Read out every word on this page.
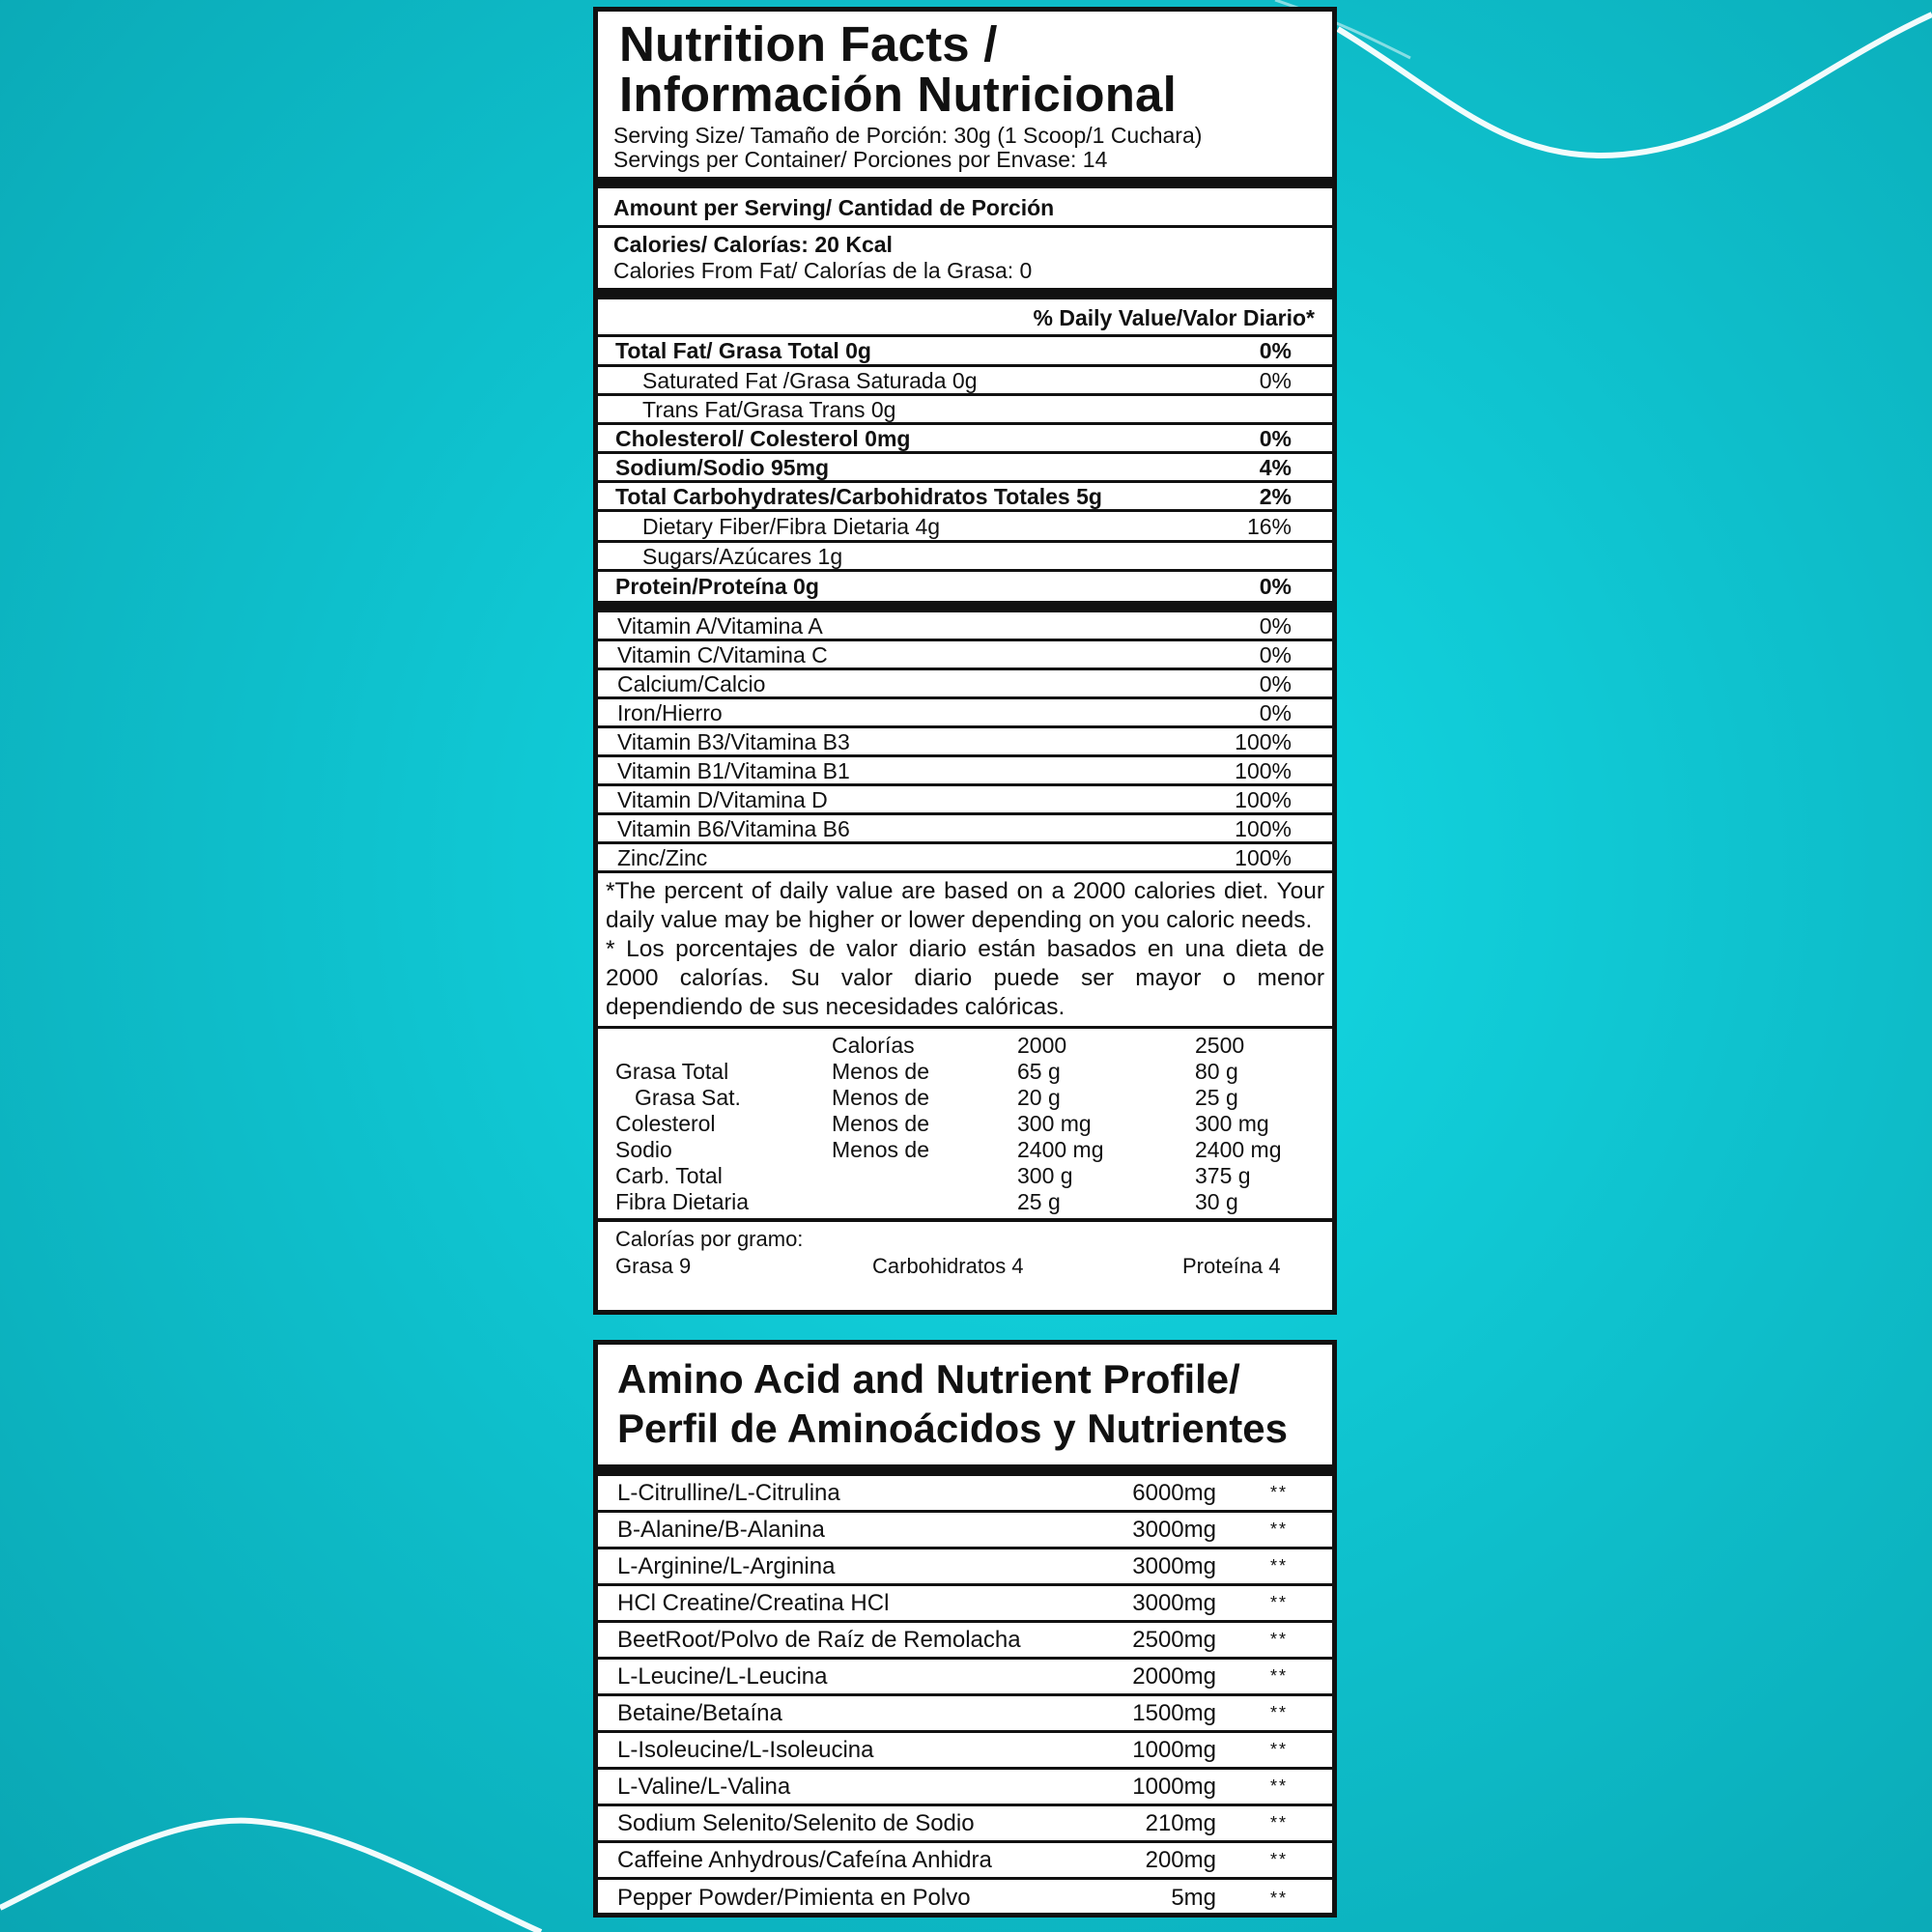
Nutrition Facts /
Información Nutricional
Serving Size/ Tamaño de Porción: 30g (1 Scoop/1 Cuchara)
Servings per Container/ Porciones por Envase: 14
Amount per Serving/ Cantidad de Porción
Calories/ Calorías: 20 Kcal
Calories From Fat/ Calorías de la Grasa: 0
% Daily Value/Valor Diario*
Total Fat/ Grasa Total 0g	0%
Saturated Fat /Grasa Saturada 0g	0%
Trans Fat/Grasa Trans 0g
Cholesterol/ Colesterol 0mg	0%
Sodium/Sodio 95mg	4%
Total Carbohydrates/Carbohidratos Totales 5g	2%
Dietary Fiber/Fibra Dietaria 4g	16%
Sugars/Azúcares 1g
Protein/Proteína 0g	0%
Vitamin A/Vitamina A	0%
Vitamin C/Vitamina C	0%
Calcium/Calcio	0%
Iron/Hierro	0%
Vitamin B3/Vitamina B3	100%
Vitamin B1/Vitamina B1	100%
Vitamin D/Vitamina D	100%
Vitamin B6/Vitamina B6	100%
Zinc/Zinc	100%
*The percent of daily value are based on a 2000 calories diet. Your daily value may be higher or lower depending on you caloric needs.
* Los porcentajes de valor diario están basados en una dieta de 2000 calorías. Su valor diario puede ser mayor o menor dependiendo de sus necesidades calóricas.
	Calorías	2000	2500
Grasa Total	Menos de	65 g	80 g
Grasa Sat.	Menos de	20 g	25 g
Colesterol	Menos de	300 mg	300 mg
Sodio	Menos de	2400 mg	2400 mg
Carb. Total		300 g	375 g
Fibra Dietaria		25 g	30 g
Calorías por gramo:
Grasa 9	Carbohidratos 4	Proteína 4
Amino Acid and Nutrient Profile/
Perfil de Aminoácidos y Nutrientes
L-Citrulline/L-Citrulina	6000mg	**
B-Alanine/B-Alanina	3000mg	**
L-Arginine/L-Arginina	3000mg	**
HCl Creatine/Creatina HCl	3000mg	**
BeetRoot/Polvo de Raíz de Remolacha	2500mg	**
L-Leucine/L-Leucina	2000mg	**
Betaine/Betaína	1500mg	**
L-Isoleucine/L-Isoleucina	1000mg	**
L-Valine/L-Valina	1000mg	**
Sodium Selenito/Selenito de Sodio	210mg	**
Caffeine Anhydrous/Cafeína Anhidra	200mg	**
Pepper Powder/Pimienta en Polvo	5mg	**
